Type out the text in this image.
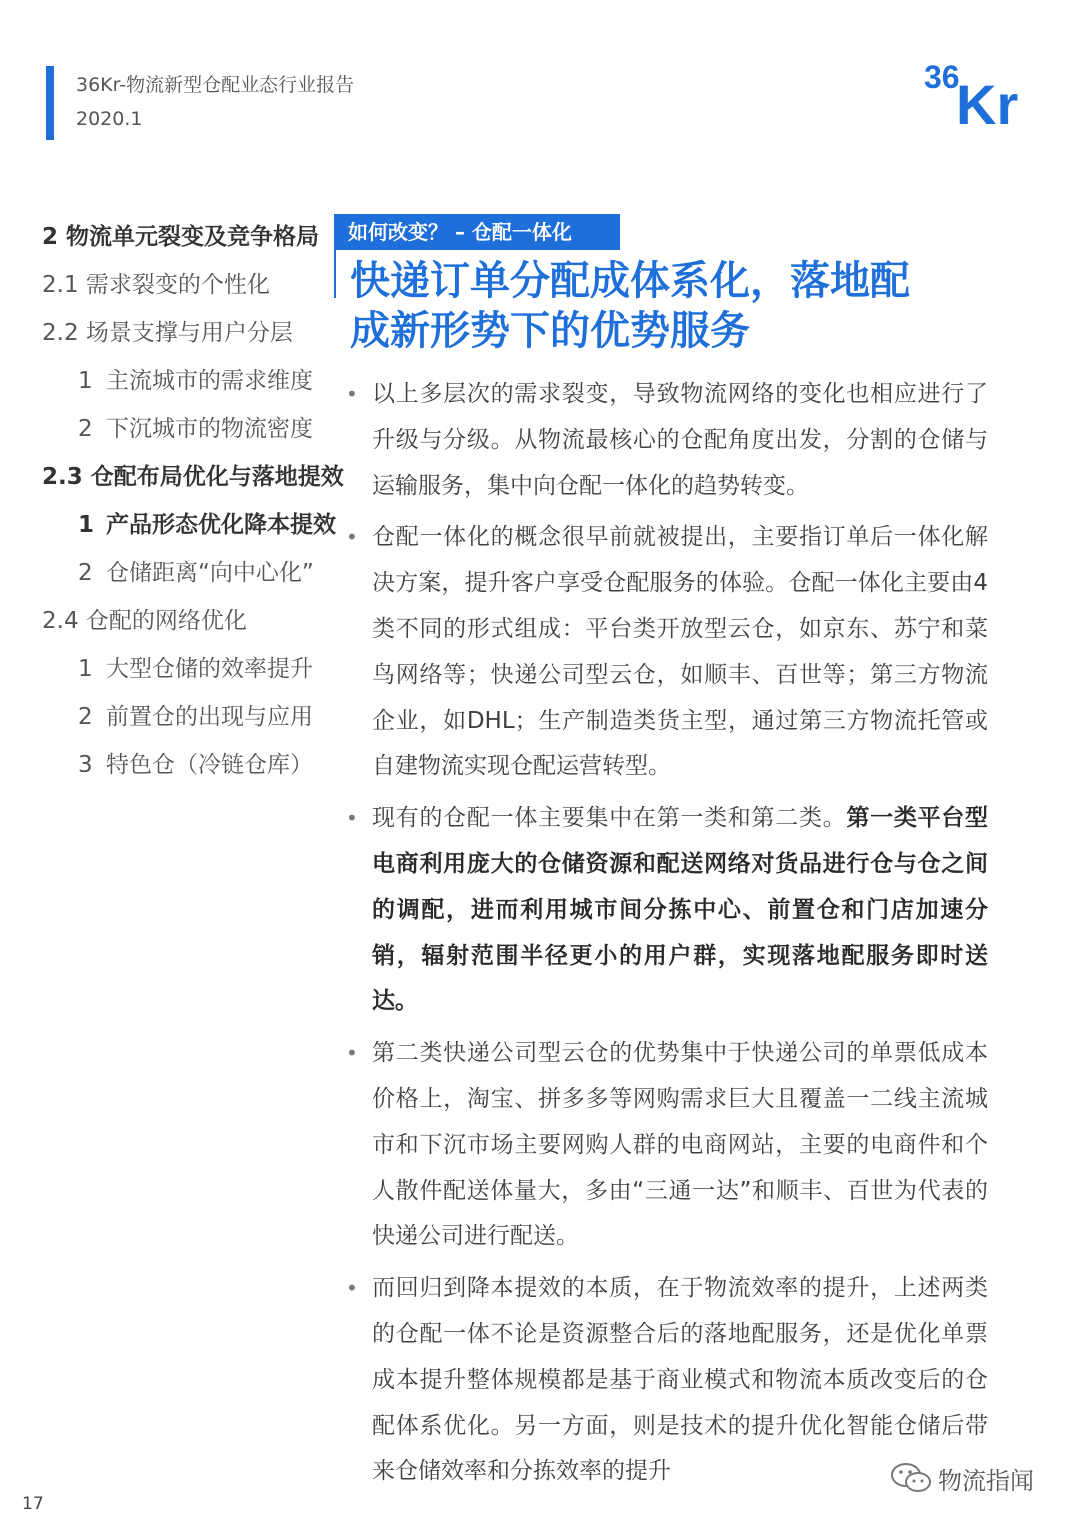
36Kr-物流新型仓配业态行业报告
2020.1
36
Kr
2 物流单元裂变及竞争格局
2.1 需求裂变的个性化
2.2 场景支撑与用户分层
1 主流城市的需求维度
2 下沉城市的物流密度
2.3 仓配布局优化与落地提效
1 产品形态优化降本提效
2 仓储距离“向中心化”
2.4 仓配的网络优化
1 大型仓储的效率提升
2 前置仓的出现与应用
3 特色仓（冷链仓库）
如何改变？ – 仓配一体化
快递订单分配成体系化，落地配
成新形势下的优势服务
• 以上多层次的需求裂变，导致物流网络的变化也相应进行了升级与分级。从物流最核心的仓配角度出发，分割的仓储与运输服务，集中向仓配一体化的趋势转变。
• 仓配一体化的概念很早前就被提出，主要指订单后一体化解决方案，提升客户享受仓配服务的体验。仓配一体化主要由4类不同的形式组成：平台类开放型云仓，如京东、苏宁和菜鸟网络等；快递公司型云仓，如顺丰、百世等；第三方物流企业，如DHL；生产制造类货主型，通过第三方物流托管或自建物流实现仓配运营转型。
• 现有的仓配一体主要集中在第一类和第二类。第一类平台型电商利用庞大的仓储资源和配送网络对货品进行仓与仓之间的调配，进而利用城市间分拣中心、前置仓和门店加速分销，辐射范围半径更小的用户群，实现落地配服务即时送达。
• 第二类快递公司型云仓的优势集中于快递公司的单票低成本价格上，淘宝、拼多多等网购需求巨大且覆盖一二线主流城市和下沉市场主要网购人群的电商网站，主要的电商件和个人散件配送体量大，多由“三通一达”和顺丰、百世为代表的快递公司进行配送。
• 而回归到降本提效的本质，在于物流效率的提升，上述两类的仓配一体不论是资源整合后的落地配服务，还是优化单票成本提升整体规模都是基于商业模式和物流本质改变后的仓配体系优化。另一方面，则是技术的提升优化智能仓储后带来仓储效率和分拣效率的提升
17
物流指闻
